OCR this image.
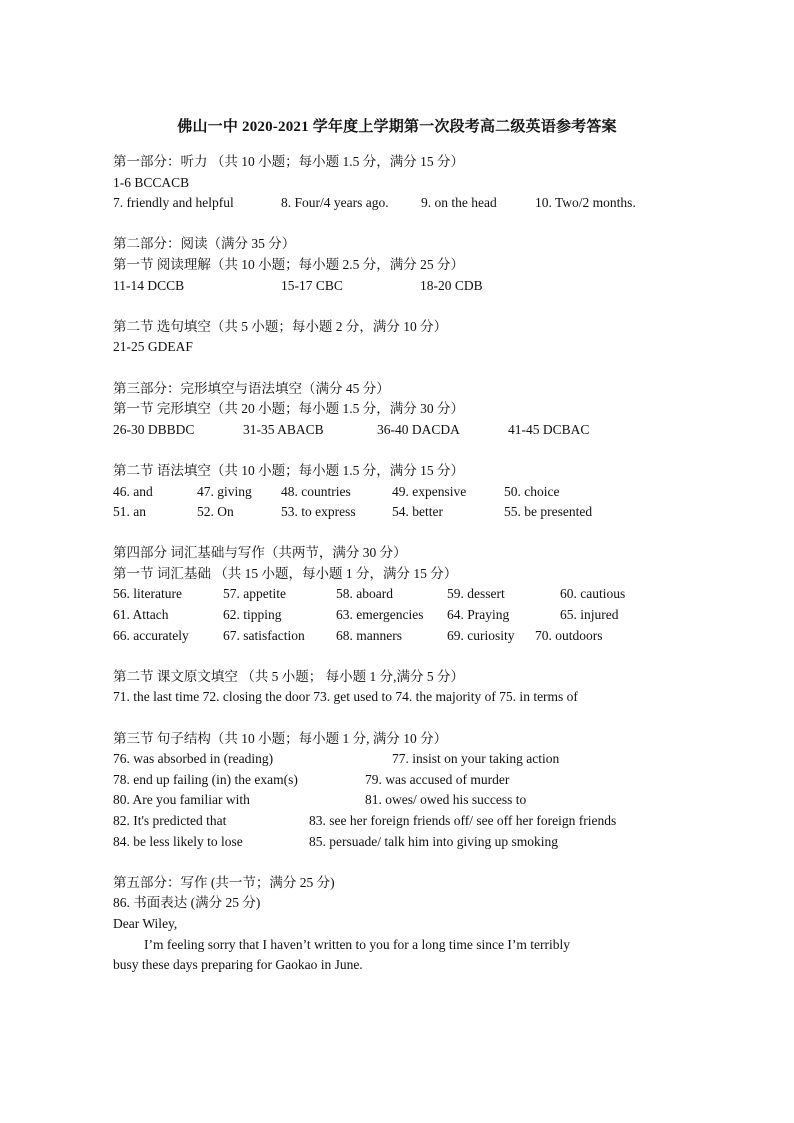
佛山一中 2020-2021 学年度上学期第一次段考高二级英语参考答案
第一部分：听力 （共 10 小题；每小题 1.5 分，满分 15 分）
1-6 BCCACB
7. friendly and helpful	8. Four/4 years ago. 9. on the head	10. Two/2 months.
第二部分：阅读（满分 35 分）
第一节 阅读理解（共 10 小题；每小题 2.5 分，满分 25 分）
11-14 DCCB	15-17 CBC	18-20 CDB
第二节 选句填空（共 5 小题；每小题 2 分，满分 10 分）
21-25 GDEAF
第三部分：完形填空与语法填空（满分 45 分）
第一节 完形填空（共 20 小题；每小题 1.5 分，满分 30 分）
26-30 DBBDC	31-35 ABACB	36-40 DACDA	41-45 DCBAC
第二节 语法填空（共 10 小题；每小题 1.5 分，满分 15 分）
46. and	47. giving 48. countries	49. expensive	50. choice
51. an	52. On	53. to express	54. better	55. be presented
第四部分 词汇基础与写作（共两节，满分 30 分）
第一节 词汇基础 （共 15 小题，每小题 1 分，满分 15 分）
56. literature	57. appetite	58. aboard	59. dessert	60. cautious
61. Attach	62. tipping	63. emergencies 64. Praying	65. injured
66. accurately	67. satisfaction 68. manners	69. curiosity 70. outdoors
第二节 课文原文填空 （共 5 小题； 每小题 1 分,满分 5 分）
71. the last time 72. closing the door 73. get used to 74. the majority of 75. in terms of
第三节 句子结构（共 10 小题；每小题 1 分, 满分 10 分）
76. was absorbed in (reading)	77. insist on your taking action
78. end up failing (in) the exam(s)	79. was accused of murder
80. Are you familiar with	81. owes/ owed his success to
82. It's predicted that	83. see her foreign friends off/ see off her foreign friends
84. be less likely to lose	85. persuade/ talk him into giving up smoking
第五部分：写作 (共一节；满分 25 分)
86. 书面表达 (满分 25 分)
Dear Wiley,
I’m feeling sorry that I haven’t written to you for a long time since I’m terribly
busy these days preparing for Gaokao in June.
